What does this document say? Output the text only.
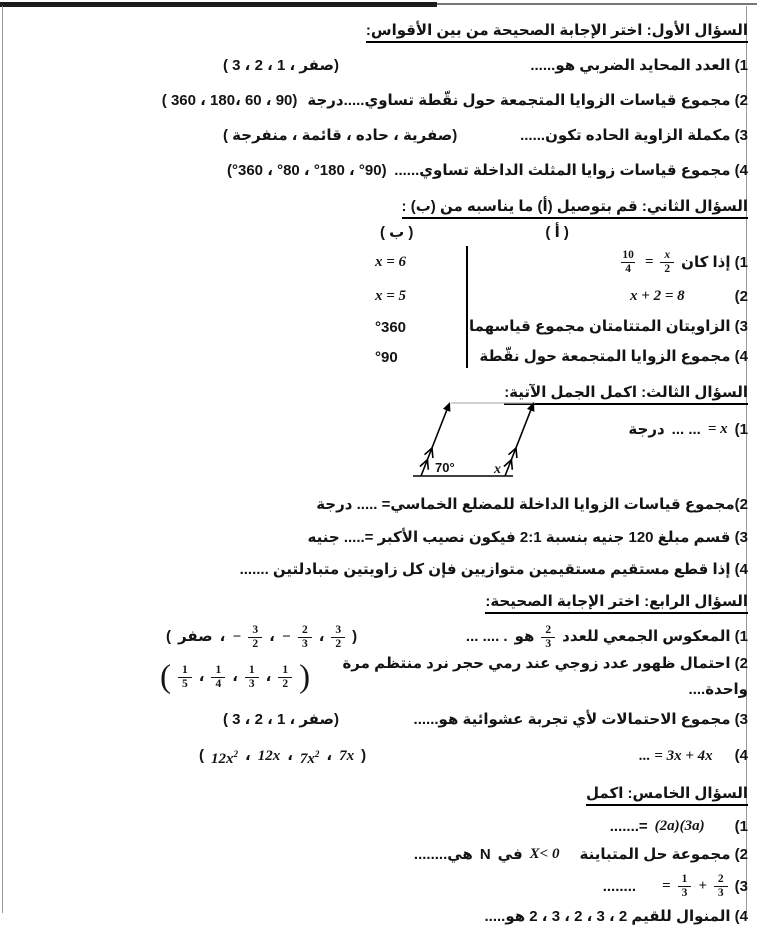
السؤال الأول: اختر الإجابة الصحيحة من بين الأقواس:
(صفر ، 1 ، 2 ، 3 )	1) العدد المحايد الضربي هو......
2) مجموع قياسات الزوايا المتجمعة حول نقّطة تساوي.....درجة
(90 ، 60 ،180 ، 360 )
(صفرية ، حاده ، قائمة ، منفرجة )	3) مكملة الزاوية الحاده تكون......
(°90 ، °180 ، °80 ، °360) 4) مجموع قياسات زوايا المثلث الداخلة تساوي......
السؤال الثاني: قم بتوصيل (أ) ما يناسبه من (ب) :
( ب )	( أ )
x = 6	$\frac{10}{4} = \frac{x}{2} 1$) إذا كان
x = 5	x + 2 = 8	2)
°360	3) الزاويتان المتتامتان مجموع قياسهما
°90	4) مجموع الزوايا المتجمعة حول نقّطة
السؤال الثالث: اكمل الجمل الآتية:
درجة ... ... = x 1)
2)مجموع قياسات الزوايا الداخلة للمضلع الخماسي= ..... درجة
3) قسم مبلغ 120 جنيه بنسبة 2:1 فيكون نصيب الأكبر =..... جنيه
4) إذا قطع مستقيم مستقيمين متوازيين فإن كل زاويتين متبادلتين .......
السؤال الرابع: اختر الإجابة الصحيحة:
( صفر ، − $\frac{3}{2}$ ، − $\frac{2}{3}$ ، $\frac{3}{2}$ )	... .... . هو $\frac{2}{3} 1$) المعكوس الجمعي للعدد
( $\frac{1}{5}$ ، $\frac{1}{4}$ ، $\frac{1}{3}$ ، $\frac{1}{2}$ )	2) احتمال ظهور عدد زوجي عند رمي حجر نرد منتظم مرة واحدة....
(صفر ، 1 ، 2 ، 3 )	3) مجموع الاحتمالات لأي تجربة عشوائية هو......
( $12x^2$ ، 12x ، $7x^2$ ، 7x )	... = 3x + 4x 4)
السؤال الخامس: اكمل
.......= (2a)(3a) 1)
هي........ N في X< 0 2) مجموعة حل المتباينة
........ = $\frac{1}{3} + \frac{2}{3} 3$)
4) المنوال للقيم 2 ، 3 ، 2 ، 3 ، 2 هو.....
70°	x
